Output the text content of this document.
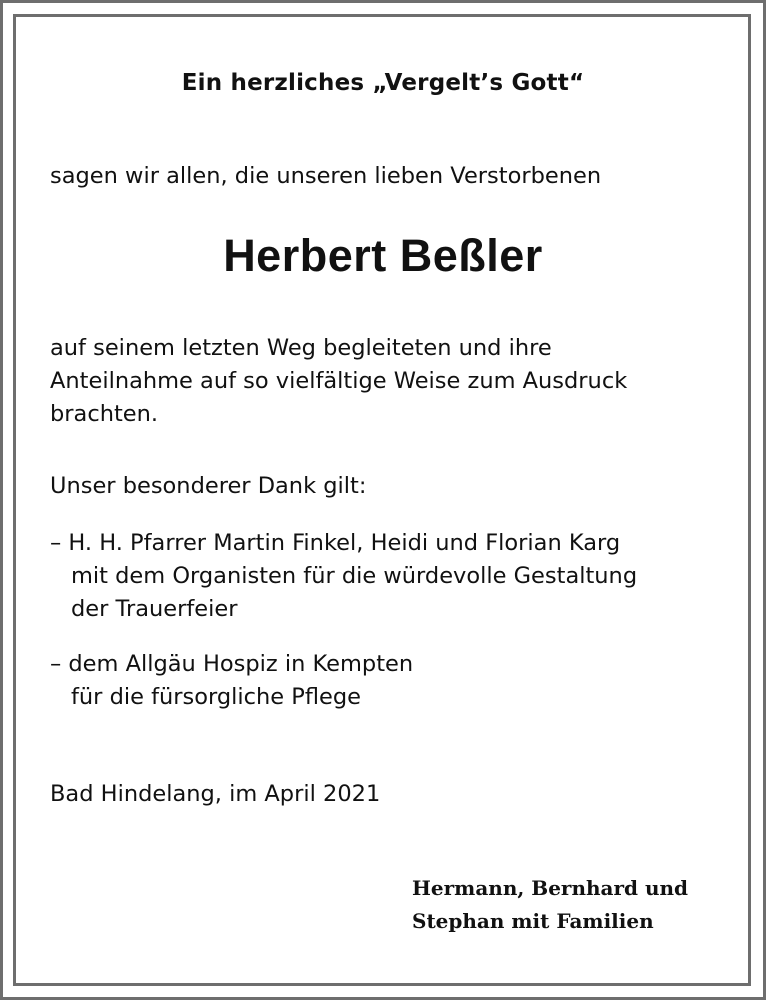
Ein herzliches „Vergelt’s Gott“
sagen wir allen, die unseren lieben Verstorbenen
Herbert Beßler
auf seinem letzten Weg begleiteten und ihre
Anteilnahme auf so vielfältige Weise zum Ausdruck
brachten.
Unser besonderer Dank gilt:
– H. H. Pfarrer Martin Finkel, Heidi und Florian Karg
mit dem Organisten für die würdevolle Gestaltung
der Trauerfeier
– dem Allgäu Hospiz in Kempten
für die fürsorgliche Pflege
Bad Hindelang, im April 2021
Hermann, Bernhard und
Stephan mit Familien
